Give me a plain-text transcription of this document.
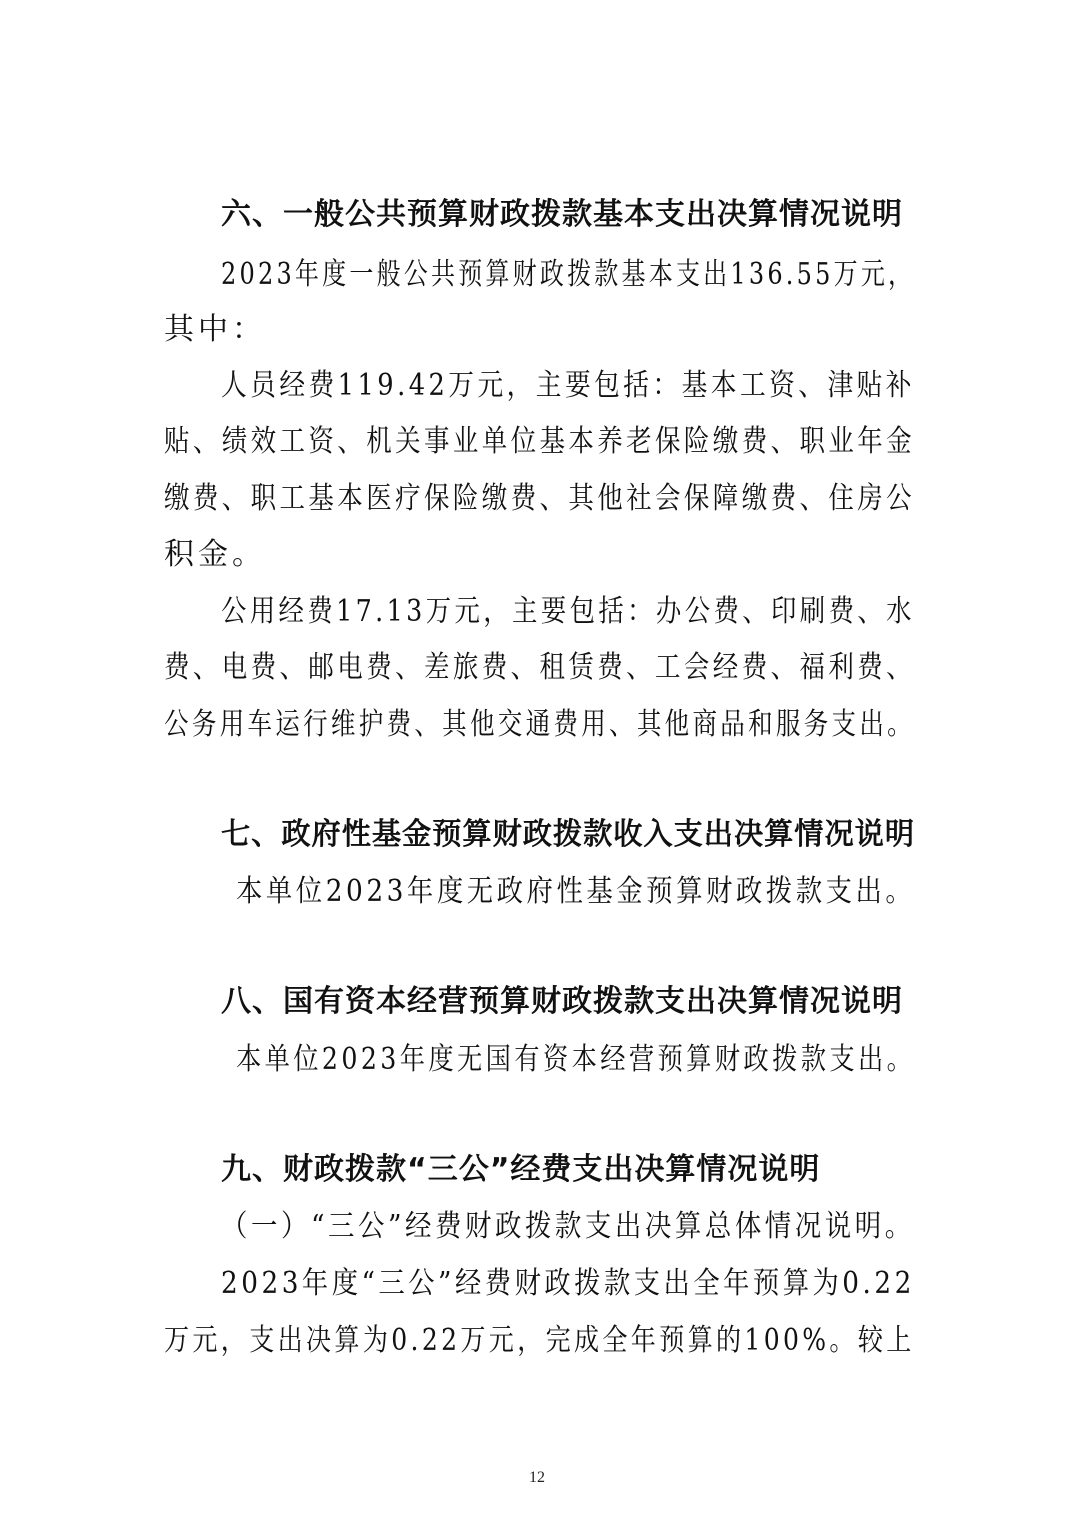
六、一般公共预算财政拨款基本支出决算情况说明
2023年度一般公共预算财政拨款基本支出136.55万元，
其中：
人员经费119.42万元，主要包括：基本工资、津贴补
贴、绩效工资、机关事业单位基本养老保险缴费、职业年金
缴费、职工基本医疗保险缴费、其他社会保障缴费、住房公
积金。
公用经费17.13万元，主要包括：办公费、印刷费、水
费、电费、邮电费、差旅费、租赁费、工会经费、福利费、
公务用车运行维护费、其他交通费用、其他商品和服务支出。
七、政府性基金预算财政拨款收入支出决算情况说明
本单位2023年度无政府性基金预算财政拨款支出。
八、国有资本经营预算财政拨款支出决算情况说明
本单位2023年度无国有资本经营预算财政拨款支出。
九、财政拨款“三公”经费支出决算情况说明
（一）“三公”经费财政拨款支出决算总体情况说明。
2023年度“三公”经费财政拨款支出全年预算为0.22
万元，支出决算为0.22万元，完成全年预算的100%。较上
12
